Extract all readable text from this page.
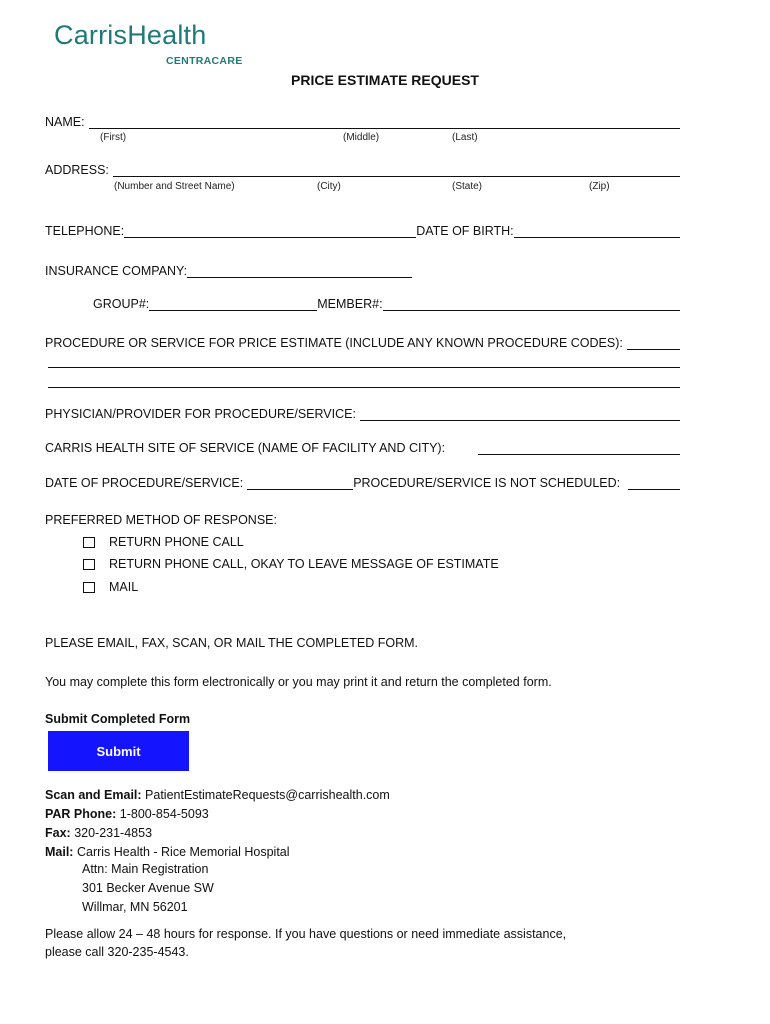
CarrisHealth
CENTRACARE
PRICE ESTIMATE REQUEST
NAME:
(First)	(Middle)	(Last)
ADDRESS:
(Number and Street Name)	(City)	(State)	(Zip)
TELEPHONE:	DATE OF BIRTH:
INSURANCE COMPANY:
GROUP#:	MEMBER#:
PROCEDURE OR SERVICE FOR PRICE ESTIMATE (INCLUDE ANY KNOWN PROCEDURE CODES):
PHYSICIAN/PROVIDER FOR PROCEDURE/SERVICE:
CARRIS HEALTH SITE OF SERVICE (NAME OF FACILITY AND CITY):
DATE OF PROCEDURE/SERVICE:	PROCEDURE/SERVICE IS NOT SCHEDULED:
PREFERRED METHOD OF RESPONSE:
RETURN PHONE CALL
RETURN PHONE CALL, OKAY TO LEAVE MESSAGE OF ESTIMATE
MAIL
PLEASE EMAIL, FAX, SCAN, OR MAIL THE COMPLETED FORM.
You may complete this form electronically or you may print it and return the completed form.
Submit Completed Form
Submit
Scan and Email: PatientEstimateRequests@carrishealth.com
PAR Phone: 1-800-854-5093
Fax: 320-231-4853
Mail: Carris Health - Rice Memorial Hospital
Attn: Main Registration
301 Becker Avenue SW
Willmar, MN 56201
Please allow 24 – 48 hours for response. If you have questions or need immediate assistance,
please call 320-235-4543.
